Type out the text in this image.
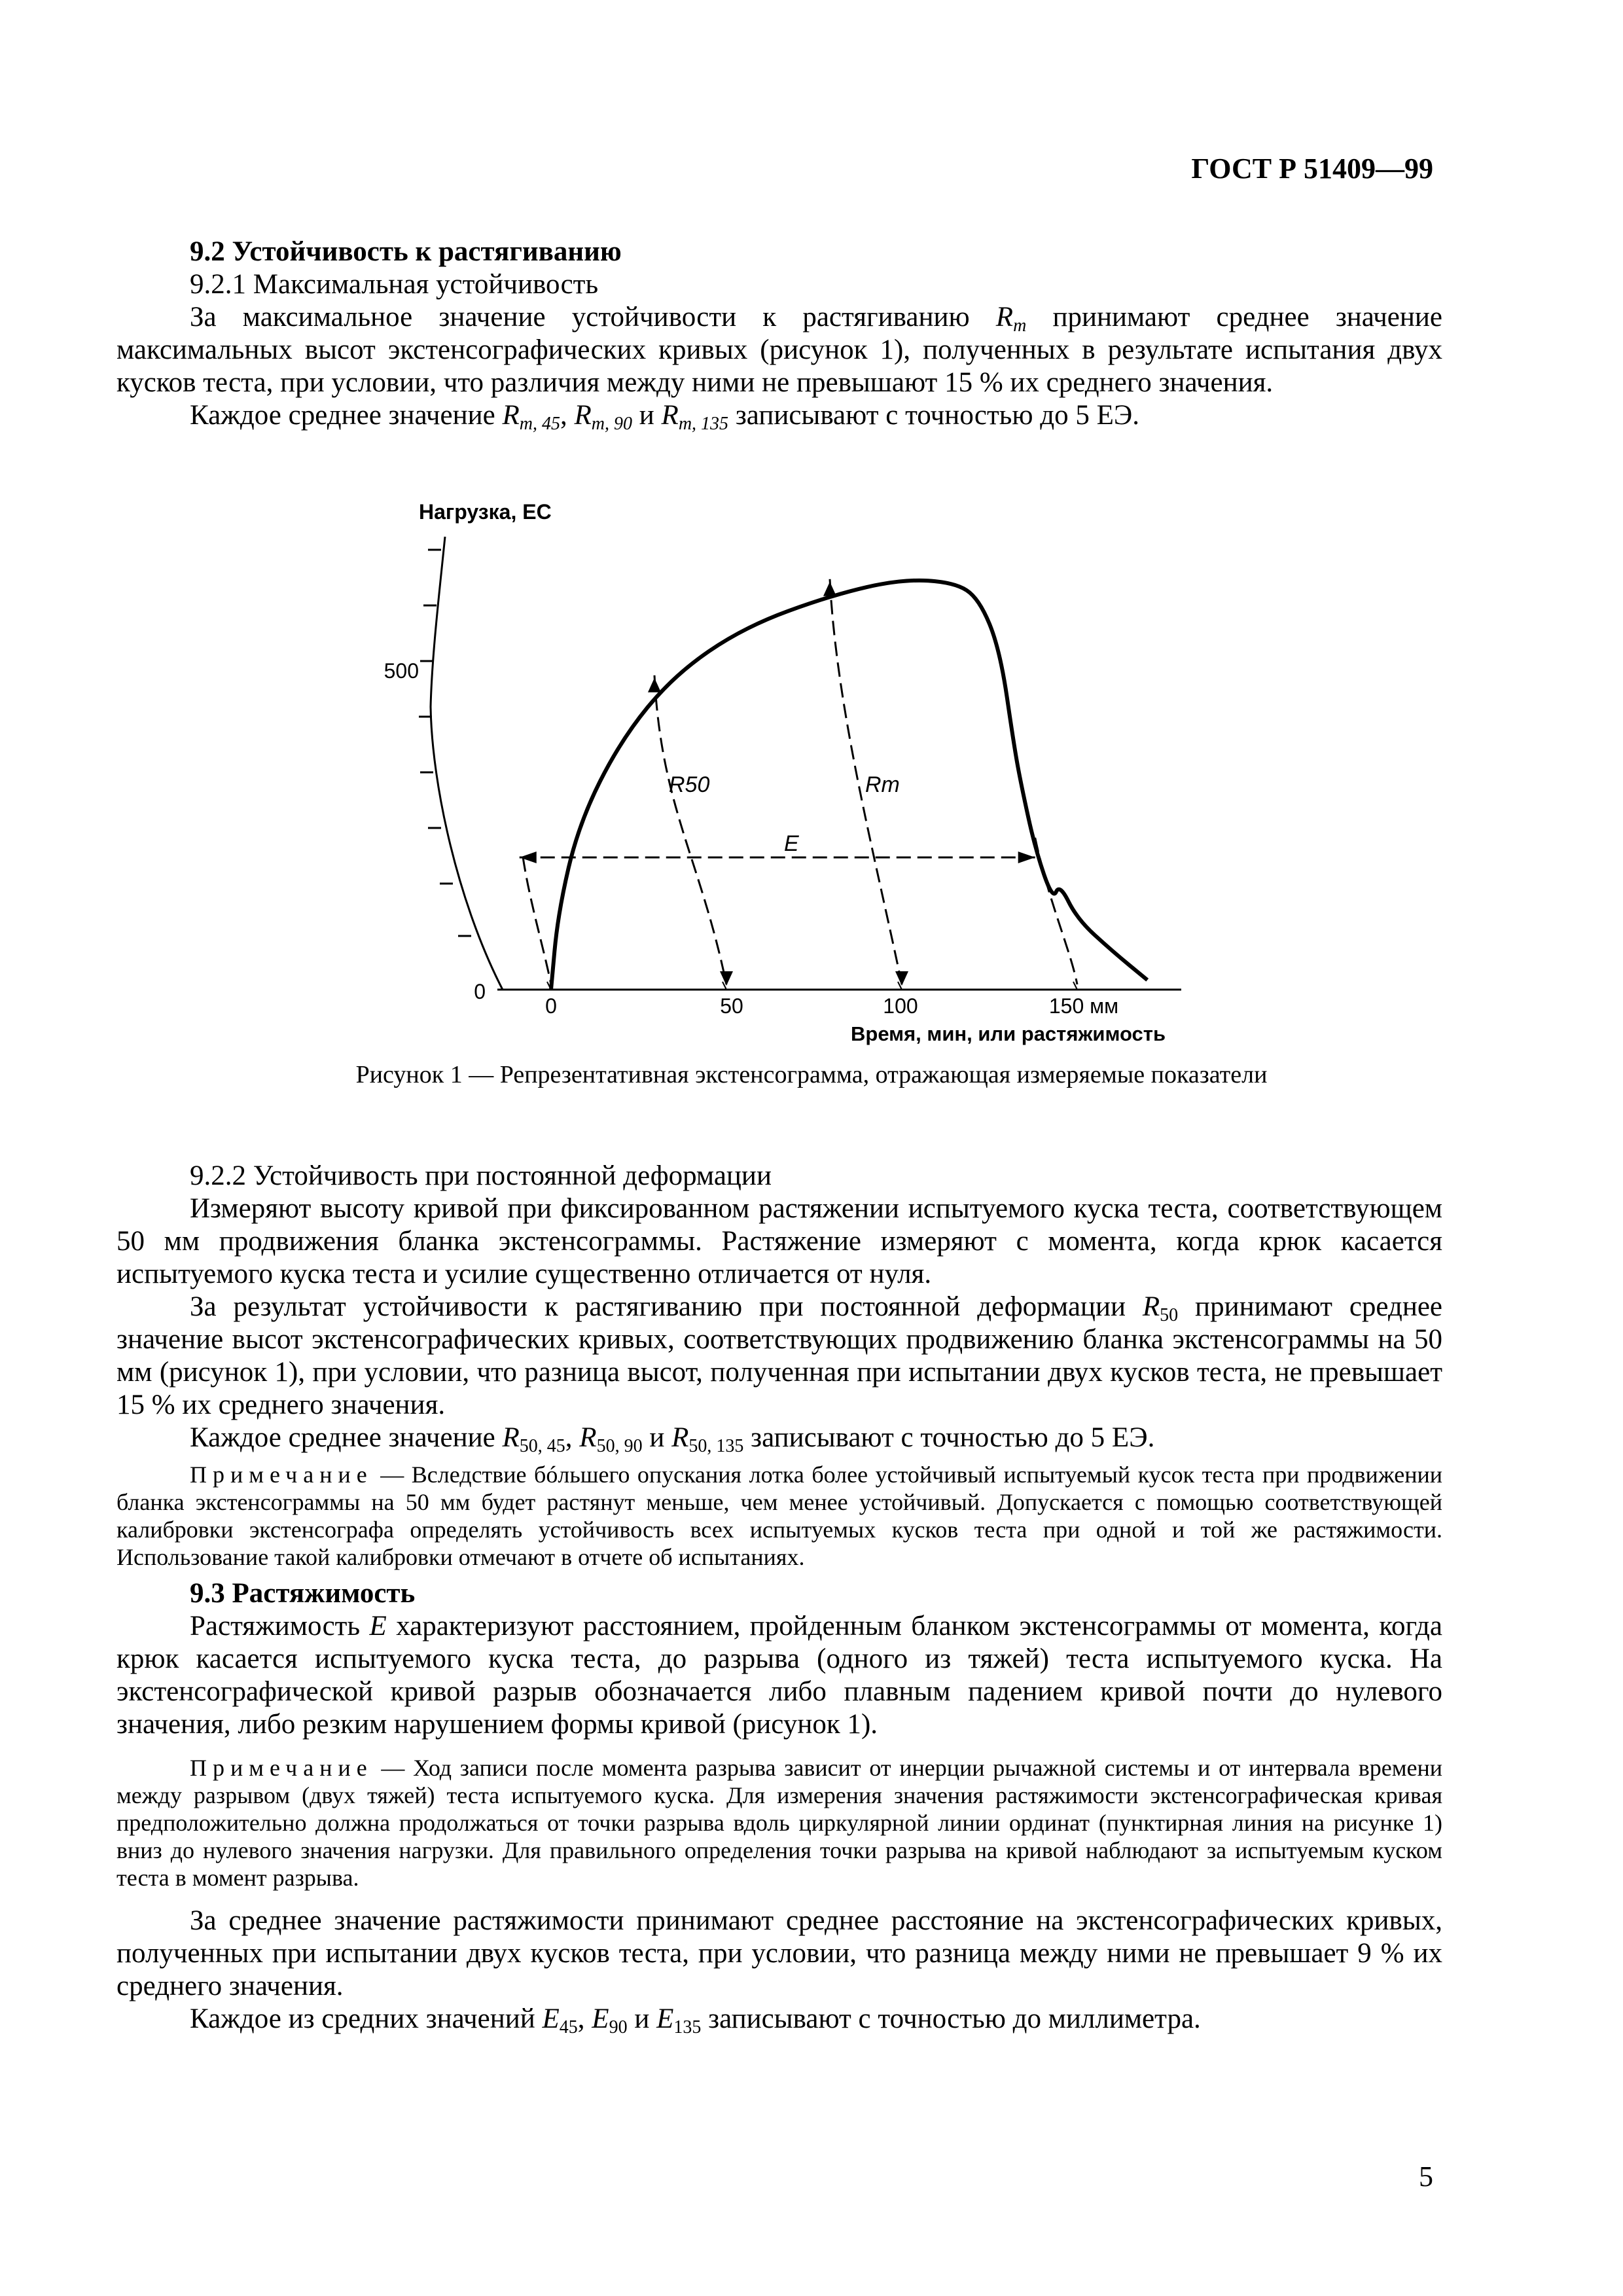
ГОСТ Р 51409—99
9.2 Устойчивость к растягиванию
9.2.1 Максимальная устойчивость

За максимальное значение устойчивости к растягиванию $R_m$ принимают среднее значение максимальных высот экстенсографических кривых (рисунок 1), полученных в результате испытания двух кусков теста, при условии, что различия между ними не превышают 15 % их среднего значения.

Каждое среднее значение $R_{m, 45}$, $R_{m, 90}$ и $R_{m, 135}$ записывают с точностью до 5 ЕЭ.

Нагрузка, ЕС
Время, мин, или растяжимость
0
500
0	50	100	150 мм
R50	Rm
E
Рисунок 1 — Репрезентативная экстенсограмма, отражающая измеряемые показатели
9.2.2 Устойчивость при постоянной деформации

Измеряют высоту кривой при фиксированном растяжении испытуемого куска теста, соответствующем 50 мм продвижения бланка экстенсограммы. Растяжение измеряют с момента, когда крюк касается испытуемого куска теста и усилие существенно отличается от нуля.

За результат устойчивости к растягиванию при постоянной деформации $R_{50}$ принимают среднее значение высот экстенсографических кривых, соответствующих продвижению бланка экстенсограммы на 50 мм (рисунок 1), при условии, что разница высот, полученная при испытании двух кусков теста, не превышает 15 % их среднего значения.

Каждое среднее значение $R_{50, 45}$, $R_{50, 90}$ и $R_{50, 135}$ записывают с точностью до 5 ЕЭ.

Примечание — Вследствие бóльшего опускания лотка более устойчивый испытуемый кусок теста при продвижении бланка экстенсограммы на 50 мм будет растянут меньше, чем менее устойчивый. Допускается с помощью соответствующей калибровки экстенсографа определять устойчивость всех испытуемых кусков теста при одной и той же растяжимости. Использование такой калибровки отмечают в отчете об испытаниях.
9.3 Растяжимость

Растяжимость E характеризуют расстоянием, пройденным бланком экстенсограммы от момента, когда крюк касается испытуемого куска теста, до разрыва (одного из тяжей) теста испытуемого куска. На экстенсографической кривой разрыв обозначается либо плавным падением кривой почти до нулевого значения, либо резким нарушением формы кривой (рисунок 1).

Примечание — Ход записи после момента разрыва зависит от инерции рычажной системы и от интервала времени между разрывом (двух тяжей) теста испытуемого куска. Для измерения значения растяжимости экстенсографическая кривая предположительно должна продолжаться от точки разрыва вдоль циркулярной линии ординат (пунктирная линия на рисунке 1) вниз до нулевого значения нагрузки. Для правильного определения точки разрыва на кривой наблюдают за испытуемым куском теста в момент разрыва.

За среднее значение растяжимости принимают среднее расстояние на экстенсографических кривых, полученных при испытании двух кусков теста, при условии, что разница между ними не превышает 9 % их среднего значения.

Каждое из средних значений $E_{45}$, $E_{90}$ и $E_{135}$ записывают с точностью до миллиметра.

5
